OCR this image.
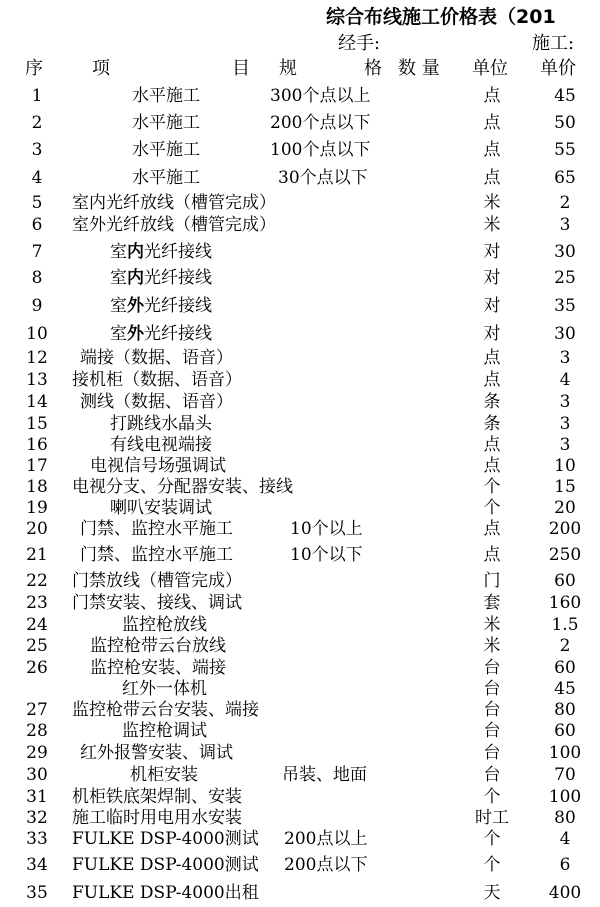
综合布线施工价格表（201
经手:	施工:
序	项	目 规	格 数 量 单位 单价
1	水平施工	300个点以上	点	45
2	水平施工	200个点以下	点	50
3	水平施工	100个点以下	点	55
4	水平施工	30个点以下	点	65
5 室内光纤放线（槽管完成）	米	2
6 室外光纤放线（槽管完成）	米	3
7	室内光纤接线	对	30
8	室内光纤接线	对	25
9	室外光纤接线	对	35
10	室外光纤接线	对	30
12 端接（数据、语音）	点	3
13 接机柜（数据、语音）	点	4
14 测线（数据、语音）	条	3
15	打跳线水晶头	条	3
16	有线电视端接	点	3
17 电视信号场强调试	点	10
18 电视分支、分配器安装、接线	个	15
19	喇叭安装调试	个	20
20 门禁、监控水平施工	10个以上	点	200
21 门禁、监控水平施工	10个以下	点	250
22 门禁放线（槽管完成）	门	60
23 门禁安装、接线、调试	套	160
24	监控枪放线	米	1.5
25 监控枪带云台放线	米	2
26 监控枪安装、端接	台	60
红外一体机	台	45
27 监控枪带云台安装、端接	台	80
28	监控枪调试	台	60
29 红外报警安装、调试	台	100
30	机柜安装	吊装、地面	台	70
31 机柜铁底架焊制、安装	个	100
32 施工临时用电用水安装	时工	80
33 FULKE DSP-4000测试 200点以上	个	4
34 FULKE DSP-4000测试 200点以下	个	6
35 FULKE DSP-4000出租	天	400
